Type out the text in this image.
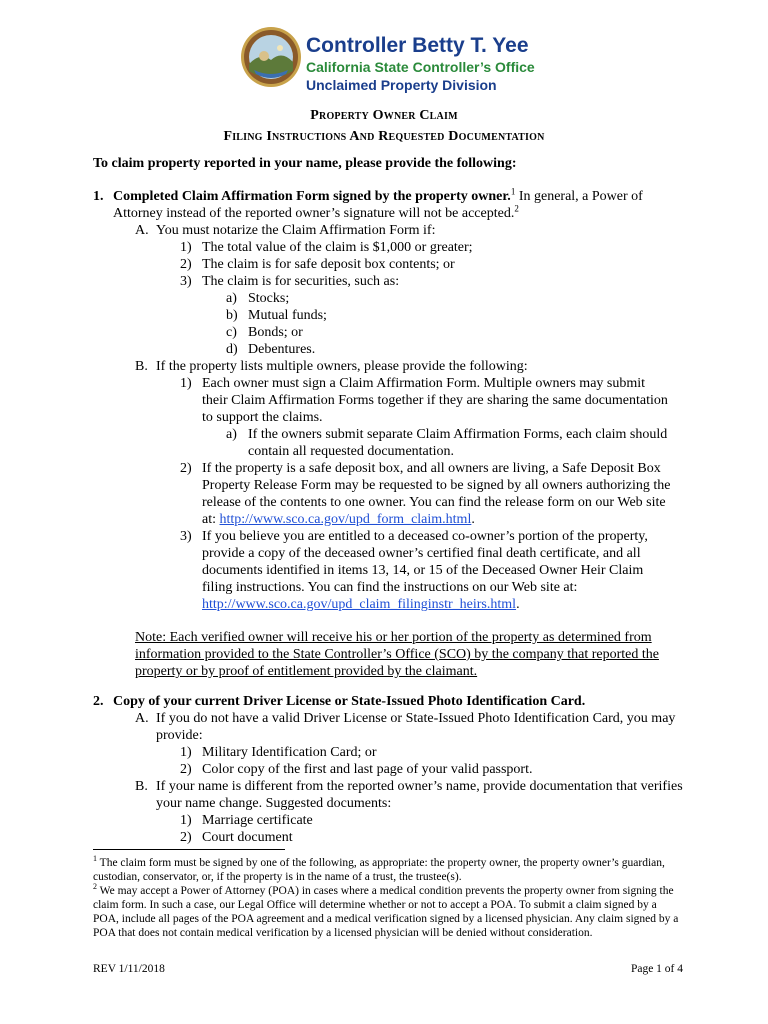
Controller Betty T. Yee
California State Controller’s Office
Unclaimed Property Division
Property Owner Claim
Filing Instructions And Requested Documentation
To claim property reported in your name, please provide the following:
1. Completed Claim Affirmation Form signed by the property owner.$^1$ In general, a Power of
Attorney instead of the reported owner’s signature will not be accepted.$^2$
A. You must notarize the Claim Affirmation Form if:
1) The total value of the claim is $1,000 or greater;
2) The claim is for safe deposit box contents; or
3) The claim is for securities, such as:
a) Stocks;
b) Mutual funds;
c) Bonds; or
d) Debentures.
B. If the property lists multiple owners, please provide the following:
1) Each owner must sign a Claim Affirmation Form. Multiple owners may submit their Claim Affirmation Forms together if they are sharing the same documentation to support the claims.
a) If the owners submit separate Claim Affirmation Forms, each claim should contain all requested documentation.
2) If the property is a safe deposit box, and all owners are living, a Safe Deposit Box Property Release Form may be requested to be signed by all owners authorizing the release of the contents to one owner. You can find the release form on our Web site at: http://www.sco.ca.gov/upd_form_claim.html.
3) If you believe you are entitled to a deceased co-owner’s portion of the property, provide a copy of the deceased owner’s certified final death certificate, and all documents identified in items 13, 14, or 15 of the Deceased Owner Heir Claim filing instructions. You can find the instructions on our Web site at: http://www.sco.ca.gov/upd_claim_filinginstr_heirs.html.
Note: Each verified owner will receive his or her portion of the property as determined from information provided to the State Controller’s Office (SCO) by the company that reported the property or by proof of entitlement provided by the claimant.
2. Copy of your current Driver License or State-Issued Photo Identification Card.
A. If you do not have a valid Driver License or State-Issued Photo Identification Card, you may provide:
1) Military Identification Card; or
2) Color copy of the first and last page of your valid passport.
B. If your name is different from the reported owner’s name, provide documentation that verifies your name change. Suggested documents:
1) Marriage certificate
2) Court document
$^1$ The claim form must be signed by one of the following, as appropriate: the property owner, the property owner’s guardian, custodian, conservator, or, if the property is in the name of a trust, the trustee(s).
$^2$ We may accept a Power of Attorney (POA) in cases where a medical condition prevents the property owner from signing the claim form. In such a case, our Legal Office will determine whether or not to accept a POA. To submit a claim signed by a POA, include all pages of the POA agreement and a medical verification signed by a licensed physician. Any claim signed by a POA that does not contain medical verification by a licensed physician will be denied without consideration.
REV 1/11/2018	Page 1 of 4
